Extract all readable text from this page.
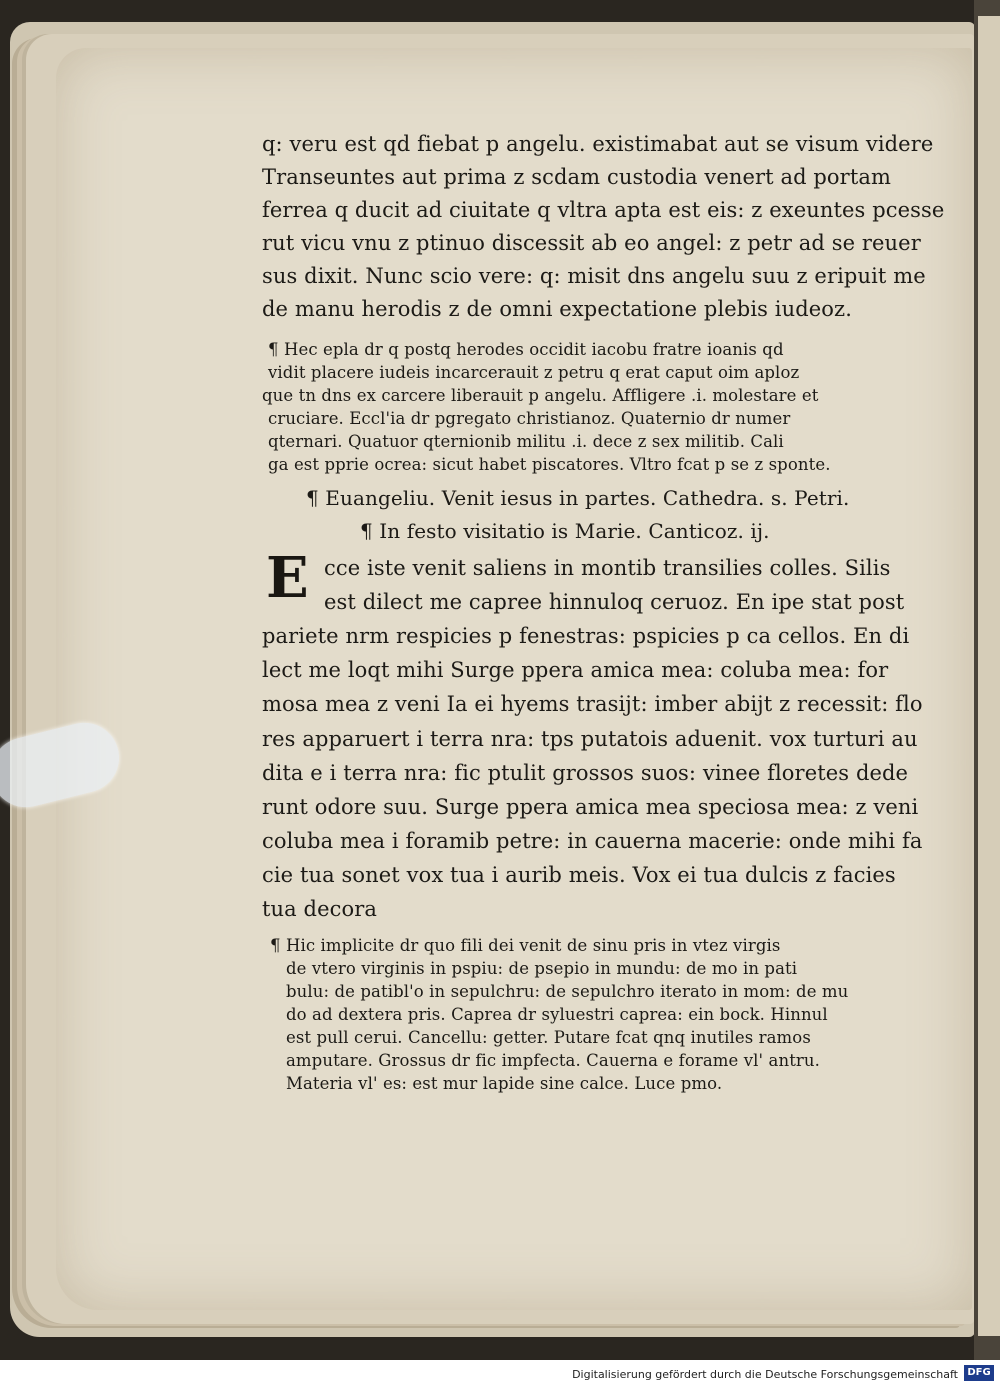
q: veru est qd fiebat p angelu. existimabat aut se visum videre
Transeuntes aut prima z scdam custodia venert ad portam
ferrea q ducit ad ciuitate q vltra apta est eis: z exeuntes pcesse
rut vicu vnu z ptinuo discessit ab eo angel: z petr ad se reuer
sus dixit. Nunc scio vere: q: misit dns angelu suu z eripuit me
de manu herodis z de omni expectatione plebis iudeoz.
¶ Hec epla dr q postq herodes occidit iacobu fratre ioanis qd
vidit placere iudeis incarcerauit z petru q erat caput oim aploz
que tn dns ex carcere liberauit p angelu. Affligere .i. molestare et
cruciare. Eccl'ia dr pgregato christianoz. Quaternio dr numer
qternari. Quatuor qternionib militu .i. dece z sex militib. Cali
ga est pprie ocrea: sicut habet piscatores. Vltro fcat p se z sponte.
¶ Euangeliu. Venit iesus in partes. Cathedra. s. Petri.
¶ In festo visitatio is Marie. Canticoz. ij.
E cce iste venit saliens in montib transilies colles. Silis
est dilect me capree hinnuloq ceruoz. En ipe stat post
pariete nrm respicies p fenestras: pspicies p ca cellos. En di
lect me loqt mihi Surge ppera amica mea: coluba mea: for
mosa mea z veni Ia ei hyems trasijt: imber abijt z recessit: flo
res apparuert i terra nra: tps putatois aduenit. vox turturi au
dita e i terra nra: fic ptulit grossos suos: vinee floretes dede
runt odore suu. Surge ppera amica mea speciosa mea: z veni
coluba mea i foramib petre: in cauerna macerie: onde mihi fa
cie tua sonet vox tua i aurib meis. Vox ei tua dulcis z facies
tua decora
¶ Hic implicite dr quo fili dei venit de sinu pris in vtez virgis
de vtero virginis in pspiu: de psepio in mundu: de mo in pati
bulu: de patibl'o in sepulchru: de sepulchro iterato in mom: de mu
do ad dextera pris. Caprea dr syluestri caprea: ein bock. Hinnul
est pull cerui. Cancellu: getter. Putare fcat qnq inutiles ramos
amputare. Grossus dr fic impfecta. Cauerna e forame vl' antru.
Materia vl' es: est mur lapide sine calce. Luce pmo.
Digitalisierung gefördert durch die Deutsche Forschungsgemeinschaft DFG
